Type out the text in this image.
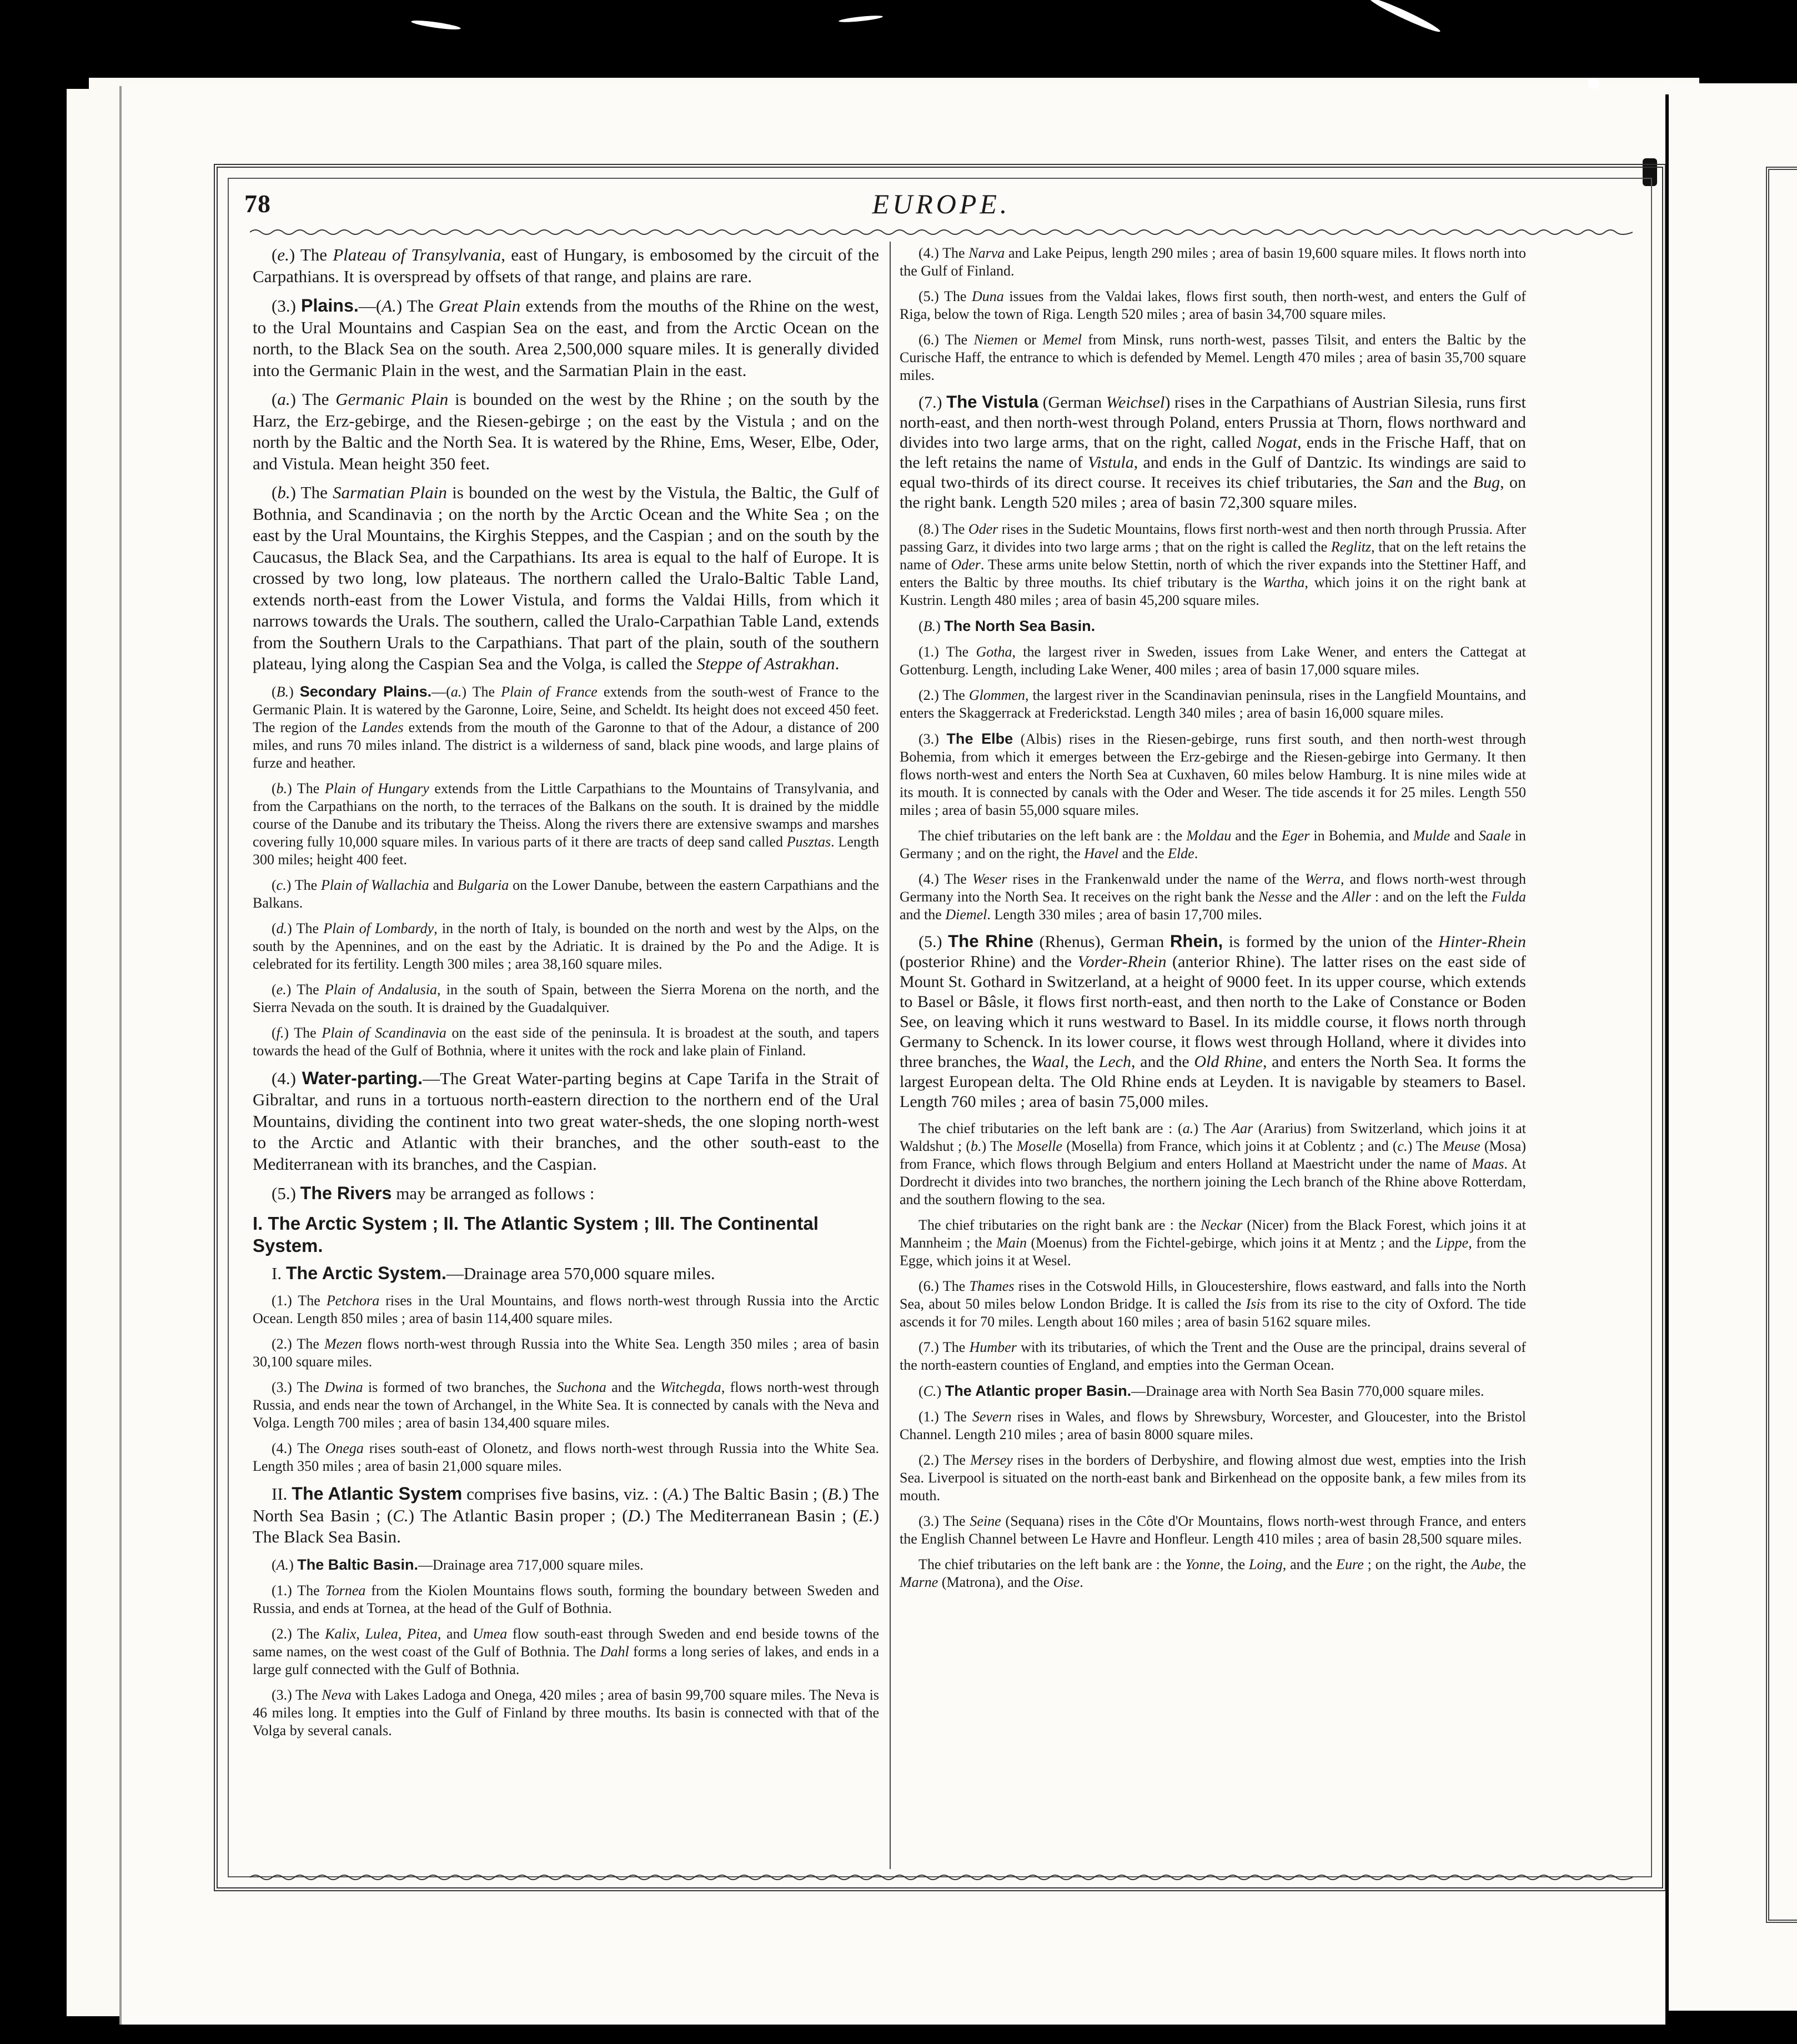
78	EUROPE.

(e.) The Plateau of Transylvania, east of Hungary, is embosomed by the circuit of the Carpathians. It is overspread by offsets of that range, and plains are rare.

(3.) Plains.—(A.) The Great Plain extends from the mouths of the Rhine on the west, to the Ural Mountains and Caspian Sea on the east, and from the Arctic Ocean on the north, to the Black Sea on the south. Area 2,500,000 square miles. It is generally divided into the Germanic Plain in the west, and the Sarmatian Plain in the east.

(a.) The Germanic Plain is bounded on the west by the Rhine ; on the south by the Harz, the Erz-gebirge, and the Riesen-gebirge ; on the east by the Vistula ; and on the north by the Baltic and the North Sea. It is watered by the Rhine, Ems, Weser, Elbe, Oder, and Vistula. Mean height 350 feet.

(b.) The Sarmatian Plain is bounded on the west by the Vistula, the Baltic, the Gulf of Bothnia, and Scandinavia ; on the north by the Arctic Ocean and the White Sea ; on the east by the Ural Mountains, the Kirghis Steppes, and the Caspian ; and on the south by the Caucasus, the Black Sea, and the Carpathians. Its area is equal to the half of Europe. It is crossed by two long, low plateaus. The northern called the Uralo-Baltic Table Land, extends north-east from the Lower Vistula, and forms the Valdai Hills, from which it narrows towards the Urals. The southern, called the Uralo-Carpathian Table Land, extends from the Southern Urals to the Carpathians. That part of the plain, south of the southern plateau, lying along the Caspian Sea and the Volga, is called the Steppe of Astrakhan.

(B.) Secondary Plains.—(a.) The Plain of France extends from the south-west of France to the Germanic Plain. It is watered by the Garonne, Loire, Seine, and Scheldt. Its height does not exceed 450 feet. The region of the Landes extends from the mouth of the Garonne to that of the Adour, a distance of 200 miles, and runs 70 miles inland. The district is a wilderness of sand, black pine woods, and large plains of furze and heather.

(b.) The Plain of Hungary extends from the Little Carpathians to the Mountains of Transylvania, and from the Carpathians on the north, to the terraces of the Balkans on the south. It is drained by the middle course of the Danube and its tributary the Theiss. Along the rivers there are extensive swamps and marshes covering fully 10,000 square miles. In various parts of it there are tracts of deep sand called Pusztas. Length 300 miles; height 400 feet.

(c.) The Plain of Wallachia and Bulgaria on the Lower Danube, between the eastern Carpathians and the Balkans.

(d.) The Plain of Lombardy, in the north of Italy, is bounded on the north and west by the Alps, on the south by the Apennines, and on the east by the Adriatic. It is drained by the Po and the Adige. It is celebrated for its fertility. Length 300 miles ; area 38,160 square miles.

(e.) The Plain of Andalusia, in the south of Spain, between the Sierra Morena on the north, and the Sierra Nevada on the south. It is drained by the Guadalquiver.

(f.) The Plain of Scandinavia on the east side of the peninsula. It is broadest at the south, and tapers towards the head of the Gulf of Bothnia, where it unites with the rock and lake plain of Finland.

(4.) Water-parting.—The Great Water-parting begins at Cape Tarifa in the Strait of Gibraltar, and runs in a tortuous north-eastern direction to the northern end of the Ural Mountains, dividing the continent into two great water-sheds, the one sloping north-west to the Arctic and Atlantic with their branches, and the other south-east to the Mediterranean with its branches, and the Caspian.

(5.) The Rivers may be arranged as follows :

I. The Arctic System ; II. The Atlantic System ; III. The Continental System.

I. The Arctic System.—Drainage area 570,000 square miles.

(1.) The Petchora rises in the Ural Mountains, and flows north-west through Russia into the Arctic Ocean. Length 850 miles ; area of basin 114,400 square miles.

(2.) The Mezen flows north-west through Russia into the White Sea. Length 350 miles ; area of basin 30,100 square miles.

(3.) The Dwina is formed of two branches, the Suchona and the Witchegda, flows north-west through Russia, and ends near the town of Archangel, in the White Sea. It is connected by canals with the Neva and Volga. Length 700 miles ; area of basin 134,400 square miles.

(4.) The Onega rises south-east of Olonetz, and flows north-west through Russia into the White Sea. Length 350 miles ; area of basin 21,000 square miles.

II. The Atlantic System comprises five basins, viz. : (A.) The Baltic Basin ; (B.) The North Sea Basin ; (C.) The Atlantic Basin proper ; (D.) The Mediterranean Basin ; (E.) The Black Sea Basin.

(A.) The Baltic Basin.—Drainage area 717,000 square miles.

(1.) The Tornea from the Kiolen Mountains flows south, forming the boundary between Sweden and Russia, and ends at Tornea, at the head of the Gulf of Bothnia.

(2.) The Kalix, Lulea, Pitea, and Umea flow south-east through Sweden and end beside towns of the same names, on the west coast of the Gulf of Bothnia. The Dahl forms a long series of lakes, and ends in a large gulf connected with the Gulf of Bothnia.

(3.) The Neva with Lakes Ladoga and Onega, 420 miles ; area of basin 99,700 square miles. The Neva is 46 miles long. It empties into the Gulf of Finland by three mouths. Its basin is connected with that of the Volga by several canals.

(4.) The Narva and Lake Peipus, length 290 miles ; area of basin 19,600 square miles. It flows north into the Gulf of Finland.

(5.) The Duna issues from the Valdai lakes, flows first south, then north-west, and enters the Gulf of Riga, below the town of Riga. Length 520 miles ; area of basin 34,700 square miles.

(6.) The Niemen or Memel from Minsk, runs north-west, passes Tilsit, and enters the Baltic by the Curische Haff, the entrance to which is defended by Memel. Length 470 miles ; area of basin 35,700 square miles.

(7.) The Vistula (German Weichsel) rises in the Carpathians of Austrian Silesia, runs first north-east, and then north-west through Poland, enters Prussia at Thorn, flows northward and divides into two large arms, that on the right, called Nogat, ends in the Frische Haff, that on the left retains the name of Vistula, and ends in the Gulf of Dantzic. Its windings are said to equal two-thirds of its direct course. It receives its chief tributaries, the San and the Bug, on the right bank. Length 520 miles ; area of basin 72,300 square miles.

(8.) The Oder rises in the Sudetic Mountains, flows first north-west and then north through Prussia. After passing Garz, it divides into two large arms ; that on the right is called the Reglitz, that on the left retains the name of Oder. These arms unite below Stettin, north of which the river expands into the Stettiner Haff, and enters the Baltic by three mouths. Its chief tributary is the Wartha, which joins it on the right bank at Kustrin. Length 480 miles ; area of basin 45,200 square miles.

(B.) The North Sea Basin.

(1.) The Gotha, the largest river in Sweden, issues from Lake Wener, and enters the Cattegat at Gottenburg. Length, including Lake Wener, 400 miles ; area of basin 17,000 square miles.

(2.) The Glommen, the largest river in the Scandinavian peninsula, rises in the Langfield Mountains, and enters the Skaggerrack at Frederickstad. Length 340 miles ; area of basin 16,000 square miles.

(3.) The Elbe (Albis) rises in the Riesen-gebirge, runs first south, and then north-west through Bohemia, from which it emerges between the Erz-gebirge and the Riesen-gebirge into Germany. It then flows north-west and enters the North Sea at Cuxhaven, 60 miles below Hamburg. It is nine miles wide at its mouth. It is connected by canals with the Oder and Weser. The tide ascends it for 25 miles. Length 550 miles ; area of basin 55,000 square miles.

The chief tributaries on the left bank are : the Moldau and the Eger in Bohemia, and Mulde and Saale in Germany ; and on the right, the Havel and the Elde.

(4.) The Weser rises in the Frankenwald under the name of the Werra, and flows north-west through Germany into the North Sea. It receives on the right bank the Nesse and the Aller : and on the left the Fulda and the Diemel. Length 330 miles ; area of basin 17,700 miles.

(5.) The Rhine (Rhenus), German Rhein, is formed by the union of the Hinter-Rhein (posterior Rhine) and the Vorder-Rhein (anterior Rhine). The latter rises on the east side of Mount St. Gothard in Switzerland, at a height of 9000 feet. In its upper course, which extends to Basel or Bâsle, it flows first north-east, and then north to the Lake of Constance or Boden See, on leaving which it runs westward to Basel. In its middle course, it flows north through Germany to Schenck. In its lower course, it flows west through Holland, where it divides into three branches, the Waal, the Lech, and the Old Rhine, and enters the North Sea. It forms the largest European delta. The Old Rhine ends at Leyden. It is navigable by steamers to Basel. Length 760 miles ; area of basin 75,000 miles.

The chief tributaries on the left bank are : (a.) The Aar (Ararius) from Switzerland, which joins it at Waldshut ; (b.) The Moselle (Mosella) from France, which joins it at Coblentz ; and (c.) The Meuse (Mosa) from France, which flows through Belgium and enters Holland at Maestricht under the name of Maas. At Dordrecht it divides into two branches, the northern joining the Lech branch of the Rhine above Rotterdam, and the southern flowing to the sea.

The chief tributaries on the right bank are : the Neckar (Nicer) from the Black Forest, which joins it at Mannheim ; the Main (Moenus) from the Fichtel-gebirge, which joins it at Mentz ; and the Lippe, from the Egge, which joins it at Wesel.

(6.) The Thames rises in the Cotswold Hills, in Gloucestershire, flows eastward, and falls into the North Sea, about 50 miles below London Bridge. It is called the Isis from its rise to the city of Oxford. The tide ascends it for 70 miles. Length about 160 miles ; area of basin 5162 square miles.

(7.) The Humber with its tributaries, of which the Trent and the Ouse are the principal, drains several of the north-eastern counties of England, and empties into the German Ocean.

(C.) The Atlantic proper Basin.—Drainage area with North Sea Basin 770,000 square miles.

(1.) The Severn rises in Wales, and flows by Shrewsbury, Worcester, and Gloucester, into the Bristol Channel. Length 210 miles ; area of basin 8000 square miles.

(2.) The Mersey rises in the borders of Derbyshire, and flowing almost due west, empties into the Irish Sea. Liverpool is situated on the north-east bank and Birkenhead on the opposite bank, a few miles from its mouth.

(3.) The Seine (Sequana) rises in the Côte d'Or Mountains, flows north-west through France, and enters the English Channel between Le Havre and Honfleur. Length 410 miles ; area of basin 28,500 square miles.

The chief tributaries on the left bank are : the Yonne, the Loing, and the Eure ; on the right, the Aube, the Marne (Matrona), and the Oise.
